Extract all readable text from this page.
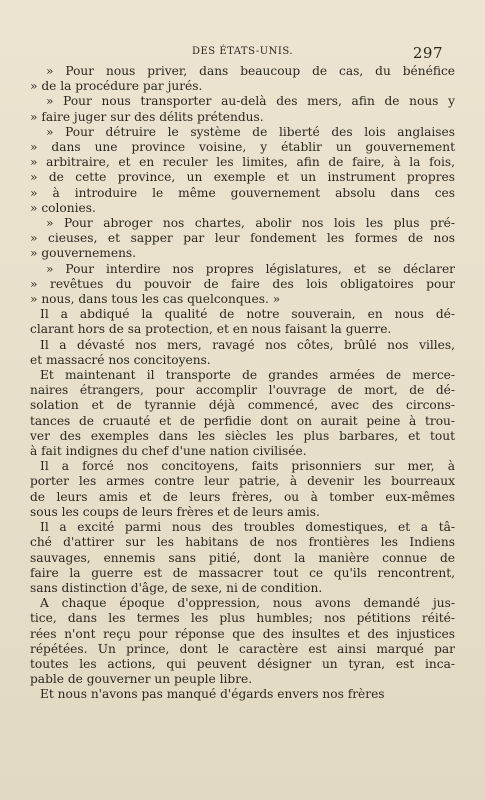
DES ÉTATS-UNIS.	297
» Pour nous priver, dans beaucoup de cas, du bénéfice
» de la procédure par jurés.
» Pour nous transporter au-delà des mers, afin de nous y
» faire juger sur des délits prétendus.
» Pour détruire le système de liberté des lois anglaises
» dans une province voisine, y établir un gouvernement
» arbitraire, et en reculer les limites, afin de faire, à la fois,
» de cette province, un exemple et un instrument propres
» à introduire le même gouvernement absolu dans ces
» colonies.
» Pour abroger nos chartes, abolir nos lois les plus pré-
» cieuses, et sapper par leur fondement les formes de nos
» gouvernemens.
» Pour interdire nos propres législatures, et se déclarer
» revêtues du pouvoir de faire des lois obligatoires pour
» nous, dans tous les cas quelconques. »
Il a abdiqué la qualité de notre souverain, en nous dé-
clarant hors de sa protection, et en nous faisant la guerre.
Il a dévasté nos mers, ravagé nos côtes, brûlé nos villes,
et massacré nos concitoyens.
Et maintenant il transporte de grandes armées de merce-
naires étrangers, pour accomplir l'ouvrage de mort, de dé-
solation et de tyrannie déjà commencé, avec des circons-
tances de cruauté et de perfidie dont on aurait peine à trou-
ver des exemples dans les siècles les plus barbares, et tout
à fait indignes du chef d'une nation civilisée.
Il a forcé nos concitoyens, faits prisonniers sur mer, à
porter les armes contre leur patrie, à devenir les bourreaux
de leurs amis et de leurs frères, ou à tomber eux-mêmes
sous les coups de leurs frères et de leurs amis.
Il a excité parmi nous des troubles domestiques, et a tâ-
ché d'attirer sur les habitans de nos frontières les Indiens
sauvages, ennemis sans pitié, dont la manière connue de
faire la guerre est de massacrer tout ce qu'ils rencontrent,
sans distinction d'âge, de sexe, ni de condition.
A chaque époque d'oppression, nous avons demandé jus-
tice, dans les termes les plus humbles; nos pétitions réité-
rées n'ont reçu pour réponse que des insultes et des injustices
répétées. Un prince, dont le caractère est ainsi marqué par
toutes les actions, qui peuvent désigner un tyran, est inca-
pable de gouverner un peuple libre.
Et nous n'avons pas manqué d'égards envers nos frères
